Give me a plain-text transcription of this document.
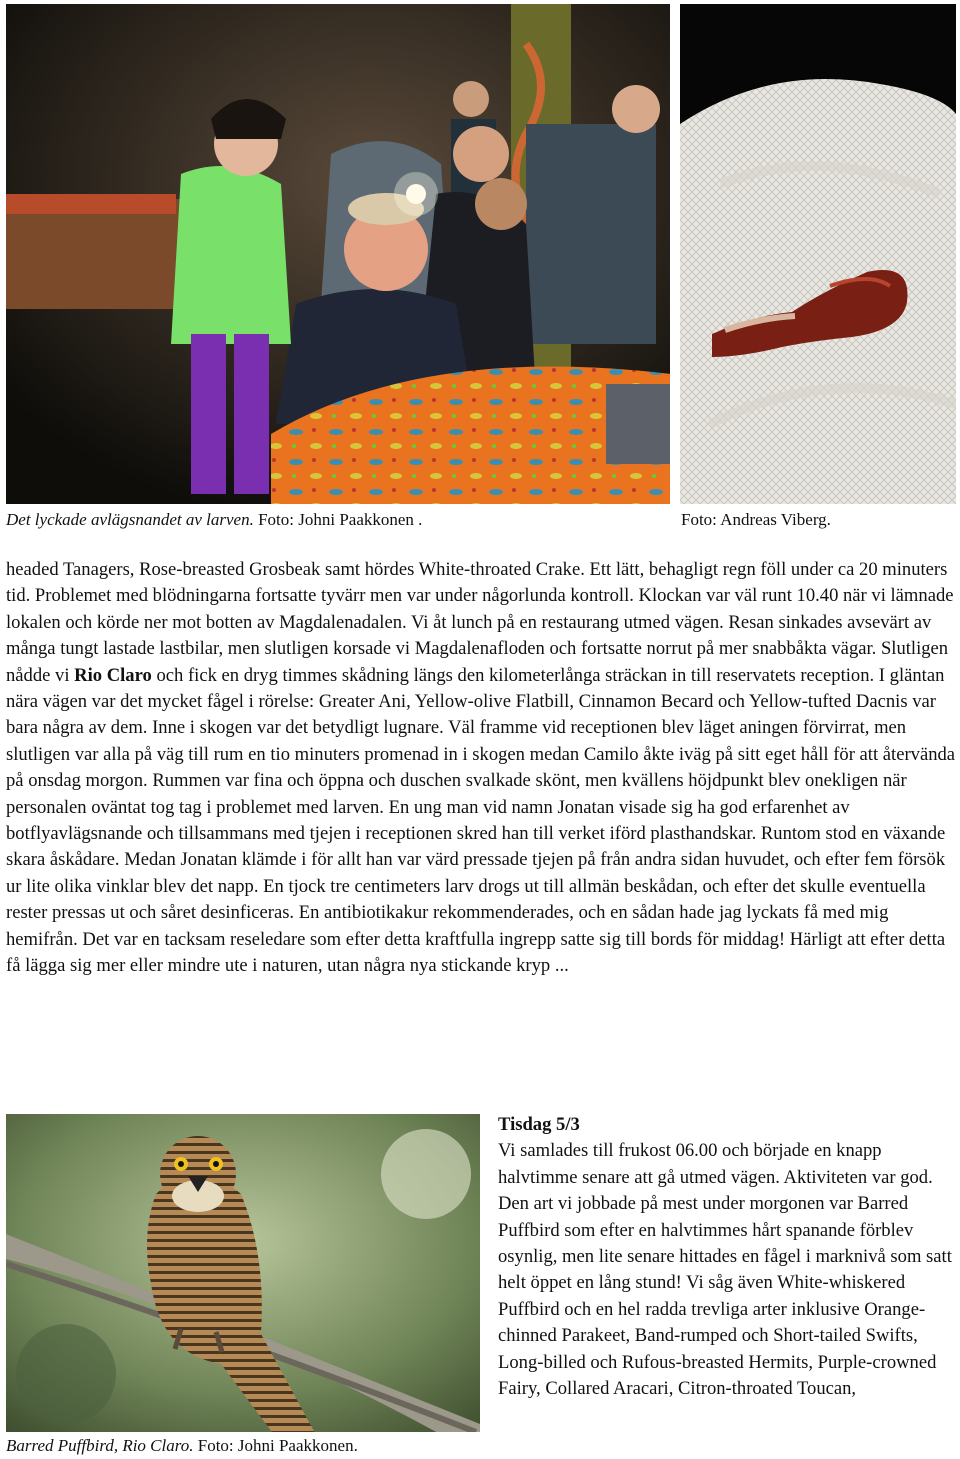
Det lyckade avlägsnandet av larven. Foto: Johni Paakkonen .	Foto: Andreas Viberg.

headed Tanagers, Rose-breasted Grosbeak samt hördes White-throated Crake. Ett lätt, behagligt regn föll under ca 20 minuters tid. Problemet med blödningarna fortsatte tyvärr men var under någorlunda kontroll. Klockan var väl runt 10.40 när vi lämnade lokalen och körde ner mot botten av Magdalenadalen. Vi åt lunch på en restaurang utmed vägen. Resan sinkades avsevärt av många tungt lastade lastbilar, men slutligen korsade vi Magdalenafloden och fortsatte norrut på mer snabbåkta vägar. Slutligen nådde vi Rio Claro och fick en dryg timmes skådning längs den kilometerlånga sträckan in till reservatets reception. I gläntan nära vägen var det mycket fågel i rörelse: Greater Ani, Yellow-olive Flatbill, Cinnamon Becard och Yellow-tufted Dacnis var bara några av dem. Inne i skogen var det betydligt lugnare. Väl framme vid receptionen blev läget aningen förvirrat, men slutligen var alla på väg till rum en tio minuters promenad in i skogen medan Camilo åkte iväg på sitt eget håll för att återvända på onsdag morgon. Rummen var fina och öppna och duschen svalkade skönt, men kvällens höjdpunkt blev onekligen när personalen oväntat tog tag i problemet med larven. En ung man vid namn Jonatan visade sig ha god erfarenhet av botflyavlägsnande och tillsammans med tjejen i receptionen skred han till verket iförd plasthandskar. Runtom stod en växande skara åskådare. Medan Jonatan klämde i för allt han var värd pressade tjejen på från andra sidan huvudet, och efter fem försök ur lite olika vinklar blev det napp. En tjock tre centimeters larv drogs ut till allmän beskådan, och efter det skulle eventuella rester pressas ut och såret desinficeras. En antibiotikakur rekommenderades, och en sådan hade jag lyckats få med mig hemifrån. Det var en tacksam reseledare som efter detta kraftfulla ingrepp satte sig till bords för middag! Härligt att efter detta få lägga sig mer eller mindre ute i naturen, utan några nya stickande kryp ...

Barred Puffbird, Rio Claro. Foto: Johni Paakkonen.
Tisdag 5/3
Vi samlades till frukost 06.00 och började en knapp halvtimme senare att gå utmed vägen. Aktiviteten var god. Den art vi jobbade på mest under morgonen var Barred Puffbird som efter en halvtimmes hårt spanande förblev osynlig, men lite senare hittades en fågel i marknivå som satt helt öppet en lång stund! Vi såg även White-whiskered Puffbird och en hel radda trevliga arter inklusive Orange-chinned Parakeet, Band-rumped och Short-tailed Swifts, Long-billed och Rufous-breasted Hermits, Purple-crowned Fairy, Collared Aracari, Citron-throated Toucan,
